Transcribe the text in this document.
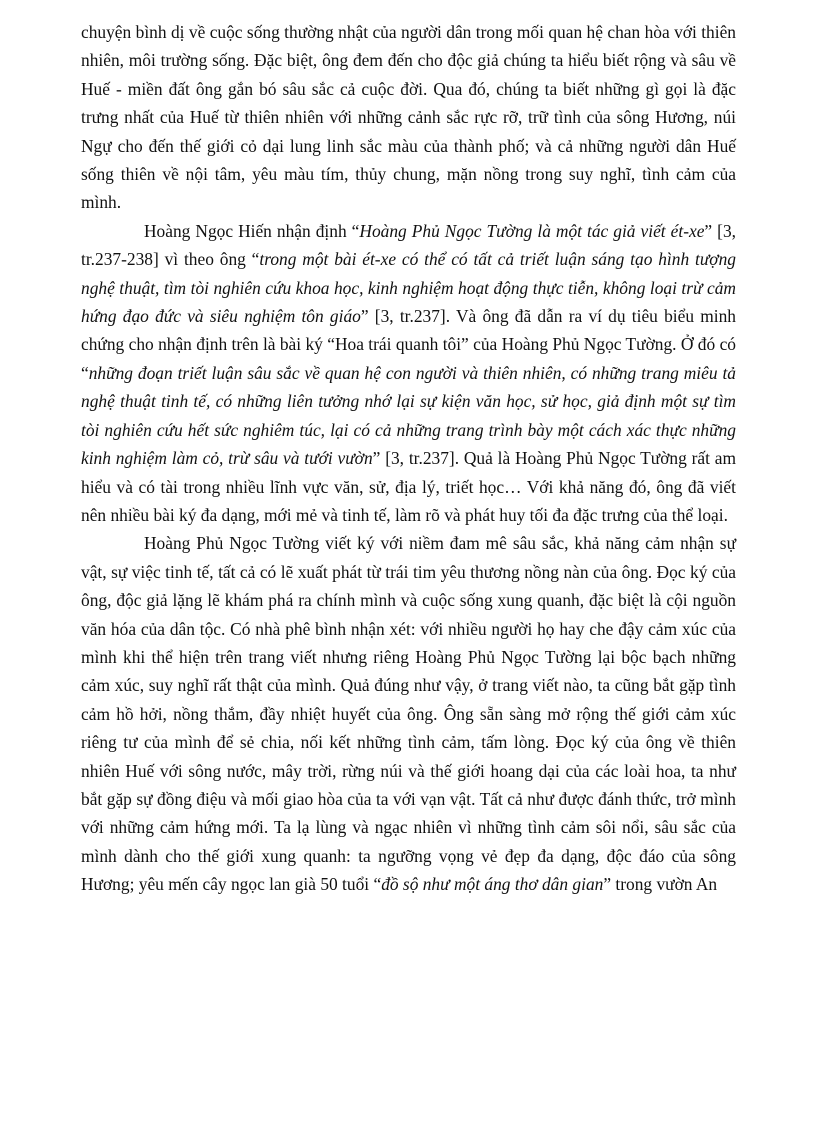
chuyện bình dị về cuộc sống thường nhật của người dân trong mối quan hệ chan hòa với thiên nhiên, môi trường sống. Đặc biệt, ông đem đến cho độc giả chúng ta hiểu biết rộng và sâu về Huế - miền đất ông gắn bó sâu sắc cả cuộc đời. Qua đó, chúng ta biết những gì gọi là đặc trưng nhất của Huế từ thiên nhiên với những cảnh sắc rực rỡ, trữ tình của sông Hương, núi Ngự cho đến thế giới cỏ dại lung linh sắc màu của thành phố; và cả những người dân Huế sống thiên về nội tâm, yêu màu tím, thủy chung, mặn nồng trong suy nghĩ, tình cảm của mình.

Hoàng Ngọc Hiến nhận định “Hoàng Phủ Ngọc Tường là một tác giả viết ét-xe” [3, tr.237-238] vì theo ông “trong một bài ét-xe có thể có tất cả triết luận sáng tạo hình tượng nghệ thuật, tìm tòi nghiên cứu khoa học, kinh nghiệm hoạt động thực tiễn, không loại trừ cảm hứng đạo đức và siêu nghiệm tôn giáo” [3, tr.237]. Và ông đã dẫn ra ví dụ tiêu biểu minh chứng cho nhận định trên là bài ký “Hoa trái quanh tôi” của Hoàng Phủ Ngọc Tường. Ở đó có “những đoạn triết luận sâu sắc về quan hệ con người và thiên nhiên, có những trang miêu tả nghệ thuật tinh tế, có những liên tưởng nhớ lại sự kiện văn học, sử học, giả định một sự tìm tòi nghiên cứu hết sức nghiêm túc, lại có cả những trang trình bày một cách xác thực những kinh nghiệm làm cỏ, trừ sâu và tưới vườn” [3, tr.237]. Quả là Hoàng Phủ Ngọc Tường rất am hiểu và có tài trong nhiều lĩnh vực văn, sử, địa lý, triết học… Với khả năng đó, ông đã viết nên nhiều bài ký đa dạng, mới mẻ và tinh tế, làm rõ và phát huy tối đa đặc trưng của thể loại.

Hoàng Phủ Ngọc Tường viết ký với niềm đam mê sâu sắc, khả năng cảm nhận sự vật, sự việc tinh tế, tất cả có lẽ xuất phát từ trái tim yêu thương nồng nàn của ông. Đọc ký của ông, độc giả lặng lẽ khám phá ra chính mình và cuộc sống xung quanh, đặc biệt là cội nguồn văn hóa của dân tộc. Có nhà phê bình nhận xét: với nhiều người họ hay che đậy cảm xúc của mình khi thể hiện trên trang viết nhưng riêng Hoàng Phủ Ngọc Tường lại bộc bạch những cảm xúc, suy nghĩ rất thật của mình. Quả đúng như vậy, ở trang viết nào, ta cũng bắt gặp tình cảm hồ hởi, nồng thắm, đầy nhiệt huyết của ông. Ông sẵn sàng mở rộng thế giới cảm xúc riêng tư của mình để sẻ chia, nối kết những tình cảm, tấm lòng. Đọc ký của ông về thiên nhiên Huế với sông nước, mây trời, rừng núi và thế giới hoang dại của các loài hoa, ta như bắt gặp sự đồng điệu và mối giao hòa của ta với vạn vật. Tất cả như được đánh thức, trở mình với những cảm hứng mới. Ta lạ lùng và ngạc nhiên vì những tình cảm sôi nổi, sâu sắc của mình dành cho thế giới xung quanh: ta ngưỡng vọng vẻ đẹp đa dạng, độc đáo của sông Hương; yêu mến cây ngọc lan già 50 tuổi “đồ sộ như một áng thơ dân gian” trong vườn An
